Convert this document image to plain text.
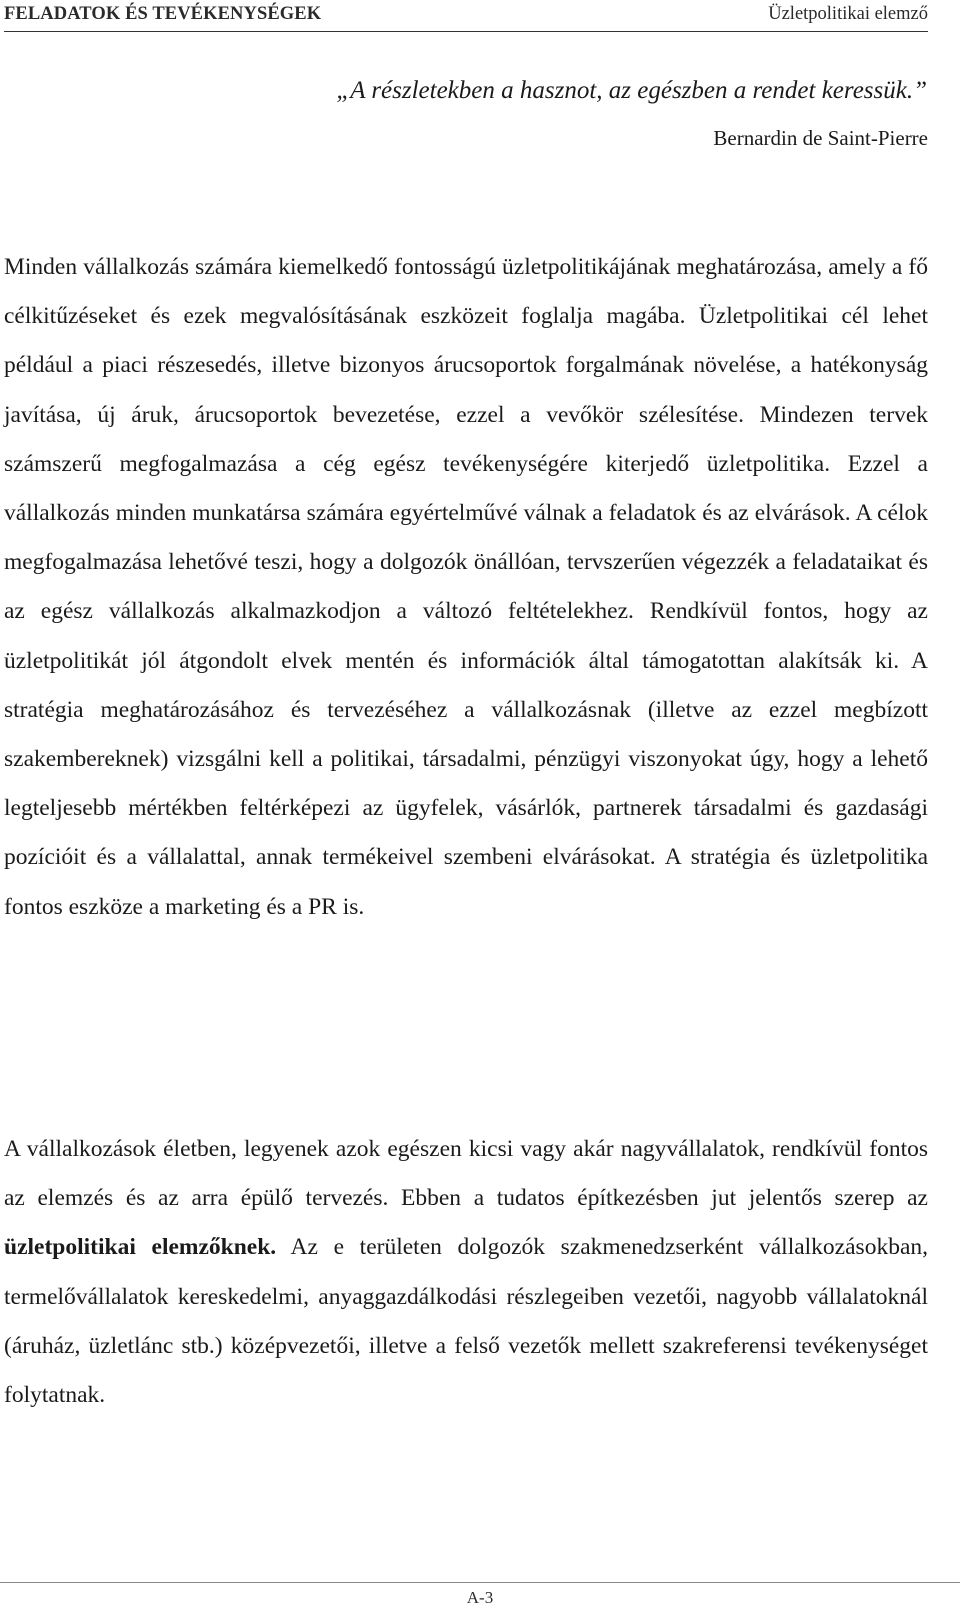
FELADATOK ÉS TEVÉKENYSÉGEK	Üzletpolitikai elemző
„A részletekben a hasznot, az egészben a rendet keressük.”
Bernardin de Saint-Pierre

Minden vállalkozás számára kiemelkedő fontosságú üzletpolitikájának meghatározása, amely a fő célkitűzéseket és ezek megvalósításának eszközeit foglalja magába. Üzletpolitikai cél lehet például a piaci részesedés, illetve bizonyos árucsoportok forgalmának növelése, a hatékonyság javítása, új áruk, árucsoportok bevezetése, ezzel a vevőkör szélesítése. Mindezen tervek számszerű megfogalmazása a cég egész tevékenységére kiterjedő üzletpolitika. Ezzel a vállalkozás minden munkatársa számára egyértelművé válnak a feladatok és az elvárások. A célok megfogalmazása lehetővé teszi, hogy a dolgozók önállóan, tervszerűen végezzék a feladataikat és az egész vállalkozás alkalmazkodjon a változó feltételekhez. Rendkívül fontos, hogy az üzletpolitikát jól átgondolt elvek mentén és információk által támogatottan alakítsák ki. A stratégia meghatározásához és tervezéséhez a vállalkozásnak (illetve az ezzel megbízott szakembereknek) vizsgálni kell a politikai, társadalmi, pénzügyi viszonyokat úgy, hogy a lehető legteljesebb mértékben feltérképezi az ügyfelek, vásárlók, partnerek társadalmi és gazdasági pozícióit és a vállalattal, annak termékeivel szembeni elvárásokat. A stratégia és üzletpolitika fontos eszköze a marketing és a PR is.

A vállalkozások életben, legyenek azok egészen kicsi vagy akár nagyvállalatok, rendkívül fontos az elemzés és az arra épülő tervezés. Ebben a tudatos építkezésben jut jelentős szerep az üzletpolitikai elemzőknek. Az e területen dolgozók szakmenedzserként vállalkozásokban, termelővállalatok kereskedelmi, anyaggazdálkodási részlegeiben vezetői, nagyobb vállalatoknál (áruház, üzletlánc stb.) középvezetői, illetve a felső vezetők mellett szakreferensi tevékenységet folytatnak.

A-3
